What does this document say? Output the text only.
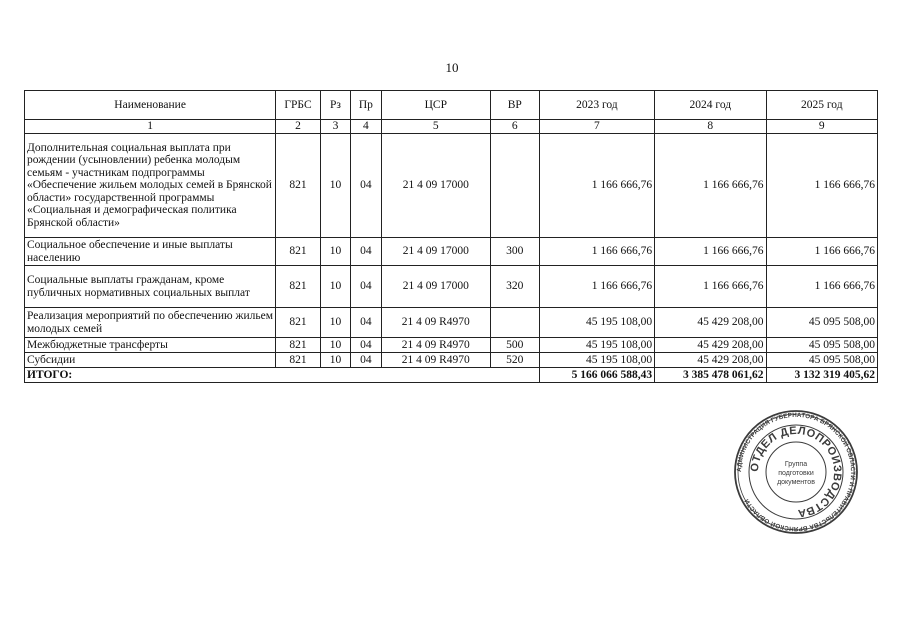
10
Наименование	ГРБС	Рз	Пр	ЦСР	ВР	2023 год	2024 год	2025 год
1	2	3	4	5	6	7	8	9
Дополнительная социальная выплата при рождении (усыновлении) ребенка молодым семьям - участникам подпрограммы «Обеспечение жильем молодых семей в Брянской области» государственной программы «Социальная и демографическая политика Брянской области»	821	10	04	21 4 09 17000		1 166 666,76	1 166 666,76	1 166 666,76
Социальное обеспечение и иные выплаты населению	821	10	04	21 4 09 17000	300	1 166 666,76	1 166 666,76	1 166 666,76
Социальные выплаты гражданам, кроме публичных нормативных социальных выплат	821	10	04	21 4 09 17000	320	1 166 666,76	1 166 666,76	1 166 666,76
Реализация мероприятий по обеспечению жильем молодых семей	821	10	04	21 4 09 R4970		45 195 108,00	45 429 208,00	45 095 508,00
Межбюджетные трансферты	821	10	04	21 4 09 R4970	500	45 195 108,00	45 429 208,00	45 095 508,00
Субсидии	821	10	04	21 4 09 R4970	520	45 195 108,00	45 429 208,00	45 095 508,00
ИТОГО:						5 166 066 588,43	3 385 478 061,62	3 132 319 405,62
АДМИНИСТРАЦИЯ ГУБЕРНАТОРА БРЯНСКОЙ ОБЛАСТИ И ПРАВИТЕЛЬСТВА БРЯНСКОЙ ОБЛАСТИ
ОТДЕЛ ДЕЛОПРОИЗВОДСТВА
Группа
подготовки
документов
